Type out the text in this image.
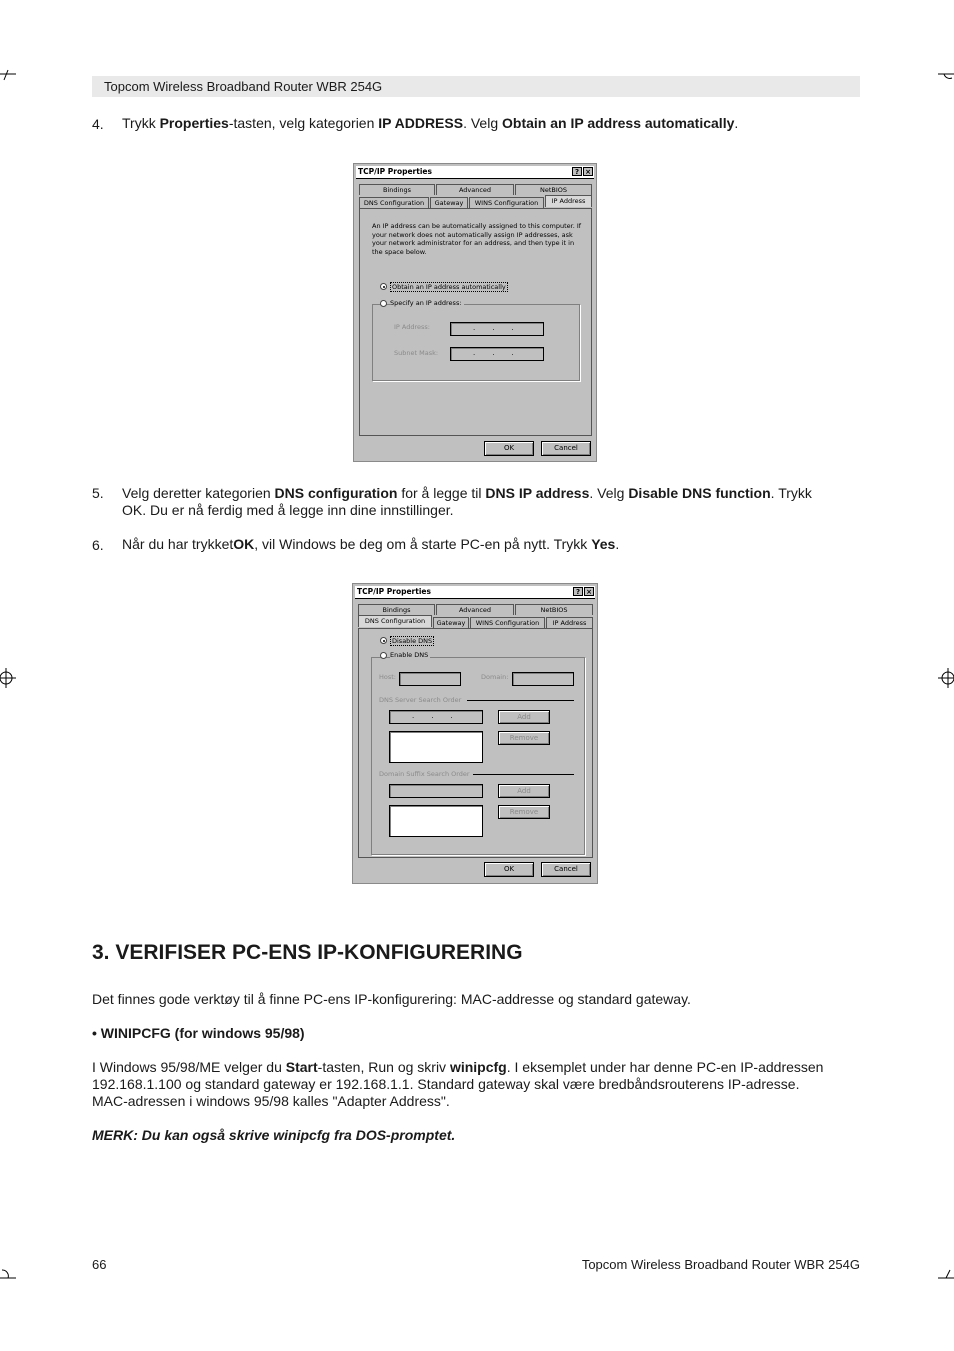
Topcom Wireless Broadband Router WBR 254G
4. Trykk Properties-tasten, velg kategorien IP ADDRESS. Velg Obtain an IP address automatically.
TCP/IP Properties	? ×
Bindings	Advanced	NetBIOS
DNS Configuration	Gateway	WINS Configuration	IP Address
An IP address can be automatically assigned to this computer. If your network does not automatically assign IP addresses, ask your network administrator for an address, and then type it in the space below.
Obtain an IP address automatically
Specify an IP address:
IP Address:	...
Subnet Mask:	...
OK	Cancel
5. Velg deretter kategorien DNS configuration for å legge til DNS IP address. Velg Disable DNS function. Trykk
OK. Du er nå ferdig med å legge inn dine innstillinger.
6. Når du har trykketOK, vil Windows be deg om å starte PC-en på nytt. Trykk Yes.
TCP/IP Properties	? ×
Bindings	Advanced	NetBIOS
DNS Configuration	Gateway	WINS Configuration	IP Address
Disable DNS
Enable DNS
Host:	Domain:
DNS Server Search Order
...	Add
Remove
Domain Suffix Search Order
Add
Remove
OK	Cancel
3. VERIFISER PC-ENS IP-KONFIGURERING
Det finnes gode verktøy til å finne PC-ens IP-konfigurering: MAC-addresse og standard gateway.
• WINIPCFG (for windows 95/98)
I Windows 95/98/ME velger du Start-tasten, Run og skriv winipcfg. I eksemplet under har denne PC-en IP-addressen
192.168.1.100 og standard gateway er 192.168.1.1. Standard gateway skal være bredbåndsrouterens IP-adresse.
MAC-adressen i windows 95/98 kalles "Adapter Address".
MERK: Du kan også skrive winipcfg fra DOS-promptet.
66	Topcom Wireless Broadband Router WBR 254G
